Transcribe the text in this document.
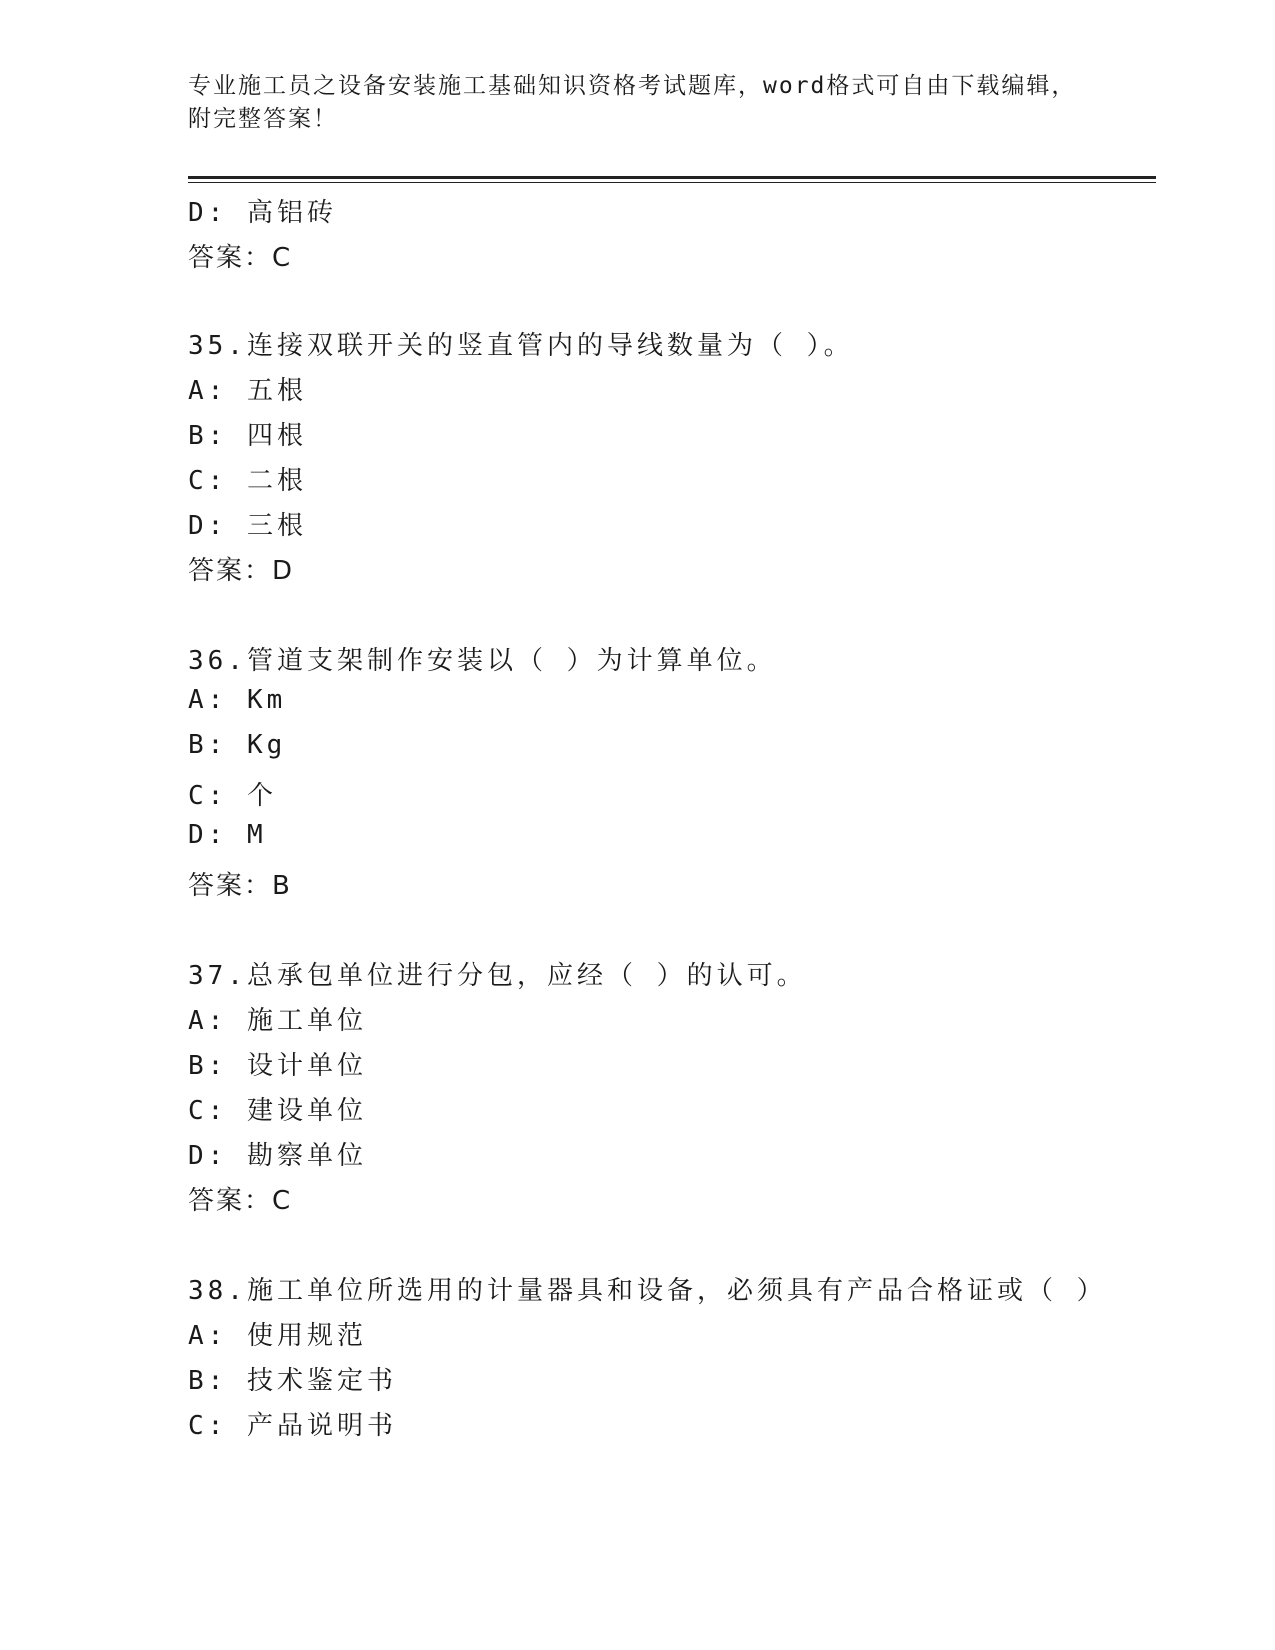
专业施工员之设备安装施工基础知识资格考试题库，word格式可自由下载编辑，
附完整答案！
D: 高铝砖
答案：C
35.连接双联开关的竖直管内的导线数量为（ ）。
A: 五根
B: 四根
C: 二根
D: 三根
答案：D
36.管道支架制作安装以（ ）为计算单位。
A: Km
B: Kg
C: 个
D: M
答案：B
37.总承包单位进行分包，应经（ ）的认可。
A: 施工单位
B: 设计单位
C: 建设单位
D: 勘察单位
答案：C
38.施工单位所选用的计量器具和设备，必须具有产品合格证或（ ）
A: 使用规范
B: 技术鉴定书
C: 产品说明书
